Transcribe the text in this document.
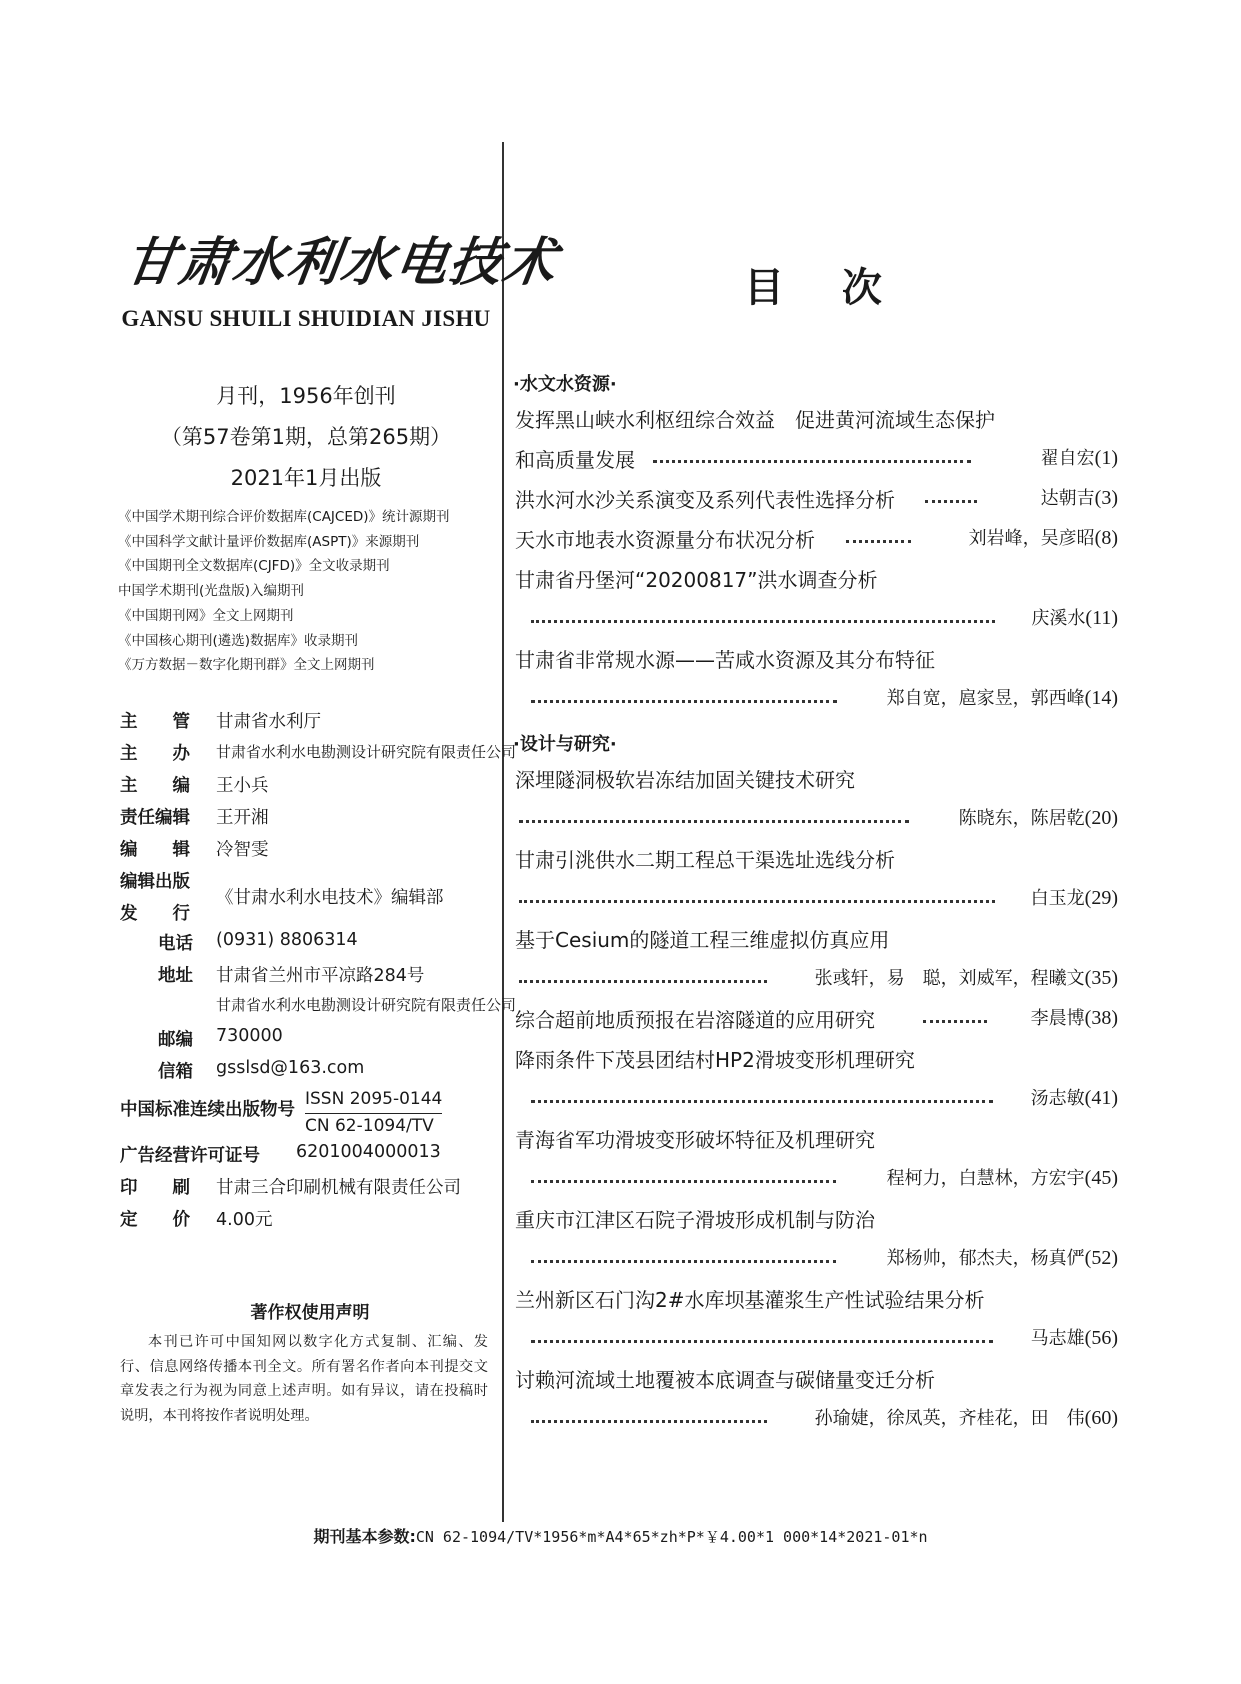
甘肃水利水电技术
GANSU SHUILI SHUIDIAN JISHU
月刊，1956年创刊
（第57卷第1期，总第265期）
2021年1月出版
《中国学术期刊综合评价数据库(CAJCED)》统计源期刊
《中国科学文献计量评价数据库(ASPT)》来源期刊
《中国期刊全文数据库(CJFD)》全文收录期刊
中国学术期刊(光盘版)入编期刊
《中国期刊网》全文上网期刊
《中国核心期刊(遴选)数据库》收录期刊
《万方数据－数字化期刊群》全文上网期刊
主　　管 甘肃省水利厅
主　　办 甘肃省水利水电勘测设计研究院有限责任公司
主　　编 王小兵
责任编辑 王开湘
编　　辑 冷智雯
编辑出版
发　　行
《甘肃水利水电技术》编辑部
电话 (0931) 8806314
地址 甘肃省兰州市平凉路284号
甘肃省水利水电勘测设计研究院有限责任公司
邮编 730000
信箱 gsslsd@163.com
中国标准连续出版物号
ISSN 2095-0144
CN 62-1094/TV
广告经营许可证号 6201004000013
印　　刷 甘肃三合印刷机械有限责任公司
定　　价 4.00元
著作权使用声明
本刊已许可中国知网以数字化方式复制、汇编、发行、信息网络传播本刊全文。所有署名作者向本刊提交文章发表之行为视为同意上述声明。如有异议，请在投稿时说明，本刊将按作者说明处理。
目 次
·水文水资源·
发挥黑山峡水利枢纽综合效益　促进黄河流域生态保护
和高质量发展	翟自宏(1)
洪水河水沙关系演变及系列代表性选择分析	达朝吉(3)
天水市地表水资源量分布状况分析	刘岩峰，吴彦昭(8)
甘肃省丹堡河“20200817”洪水调查分析
庆溪水(11)
甘肃省非常规水源——苦咸水资源及其分布特征
郑自宽，扈家昱，郭西峰(14)
·设计与研究·
深埋隧洞极软岩冻结加固关键技术研究
陈晓东，陈居乾(20)
甘肃引洮供水二期工程总干渠选址选线分析
白玉龙(29)
基于Cesium的隧道工程三维虚拟仿真应用
张彧轩，易　聪，刘威军，程曦文(35)
综合超前地质预报在岩溶隧道的应用研究	李晨博(38)
降雨条件下茂县团结村HP2滑坡变形机理研究
汤志敏(41)
青海省军功滑坡变形破坏特征及机理研究
程柯力，白慧林，方宏宇(45)
重庆市江津区石院子滑坡形成机制与防治
郑杨帅，郁杰夫，杨真俨(52)
兰州新区石门沟2#水库坝基灌浆生产性试验结果分析
马志雄(56)
讨赖河流域土地覆被本底调查与碳储量变迁分析
孙瑜婕，徐凤英，齐桂花，田　伟(60)
期刊基本参数:CN 62-1094/TV*1956*m*A4*65*zh*P*￥4.00*1 000*14*2021-01*n
